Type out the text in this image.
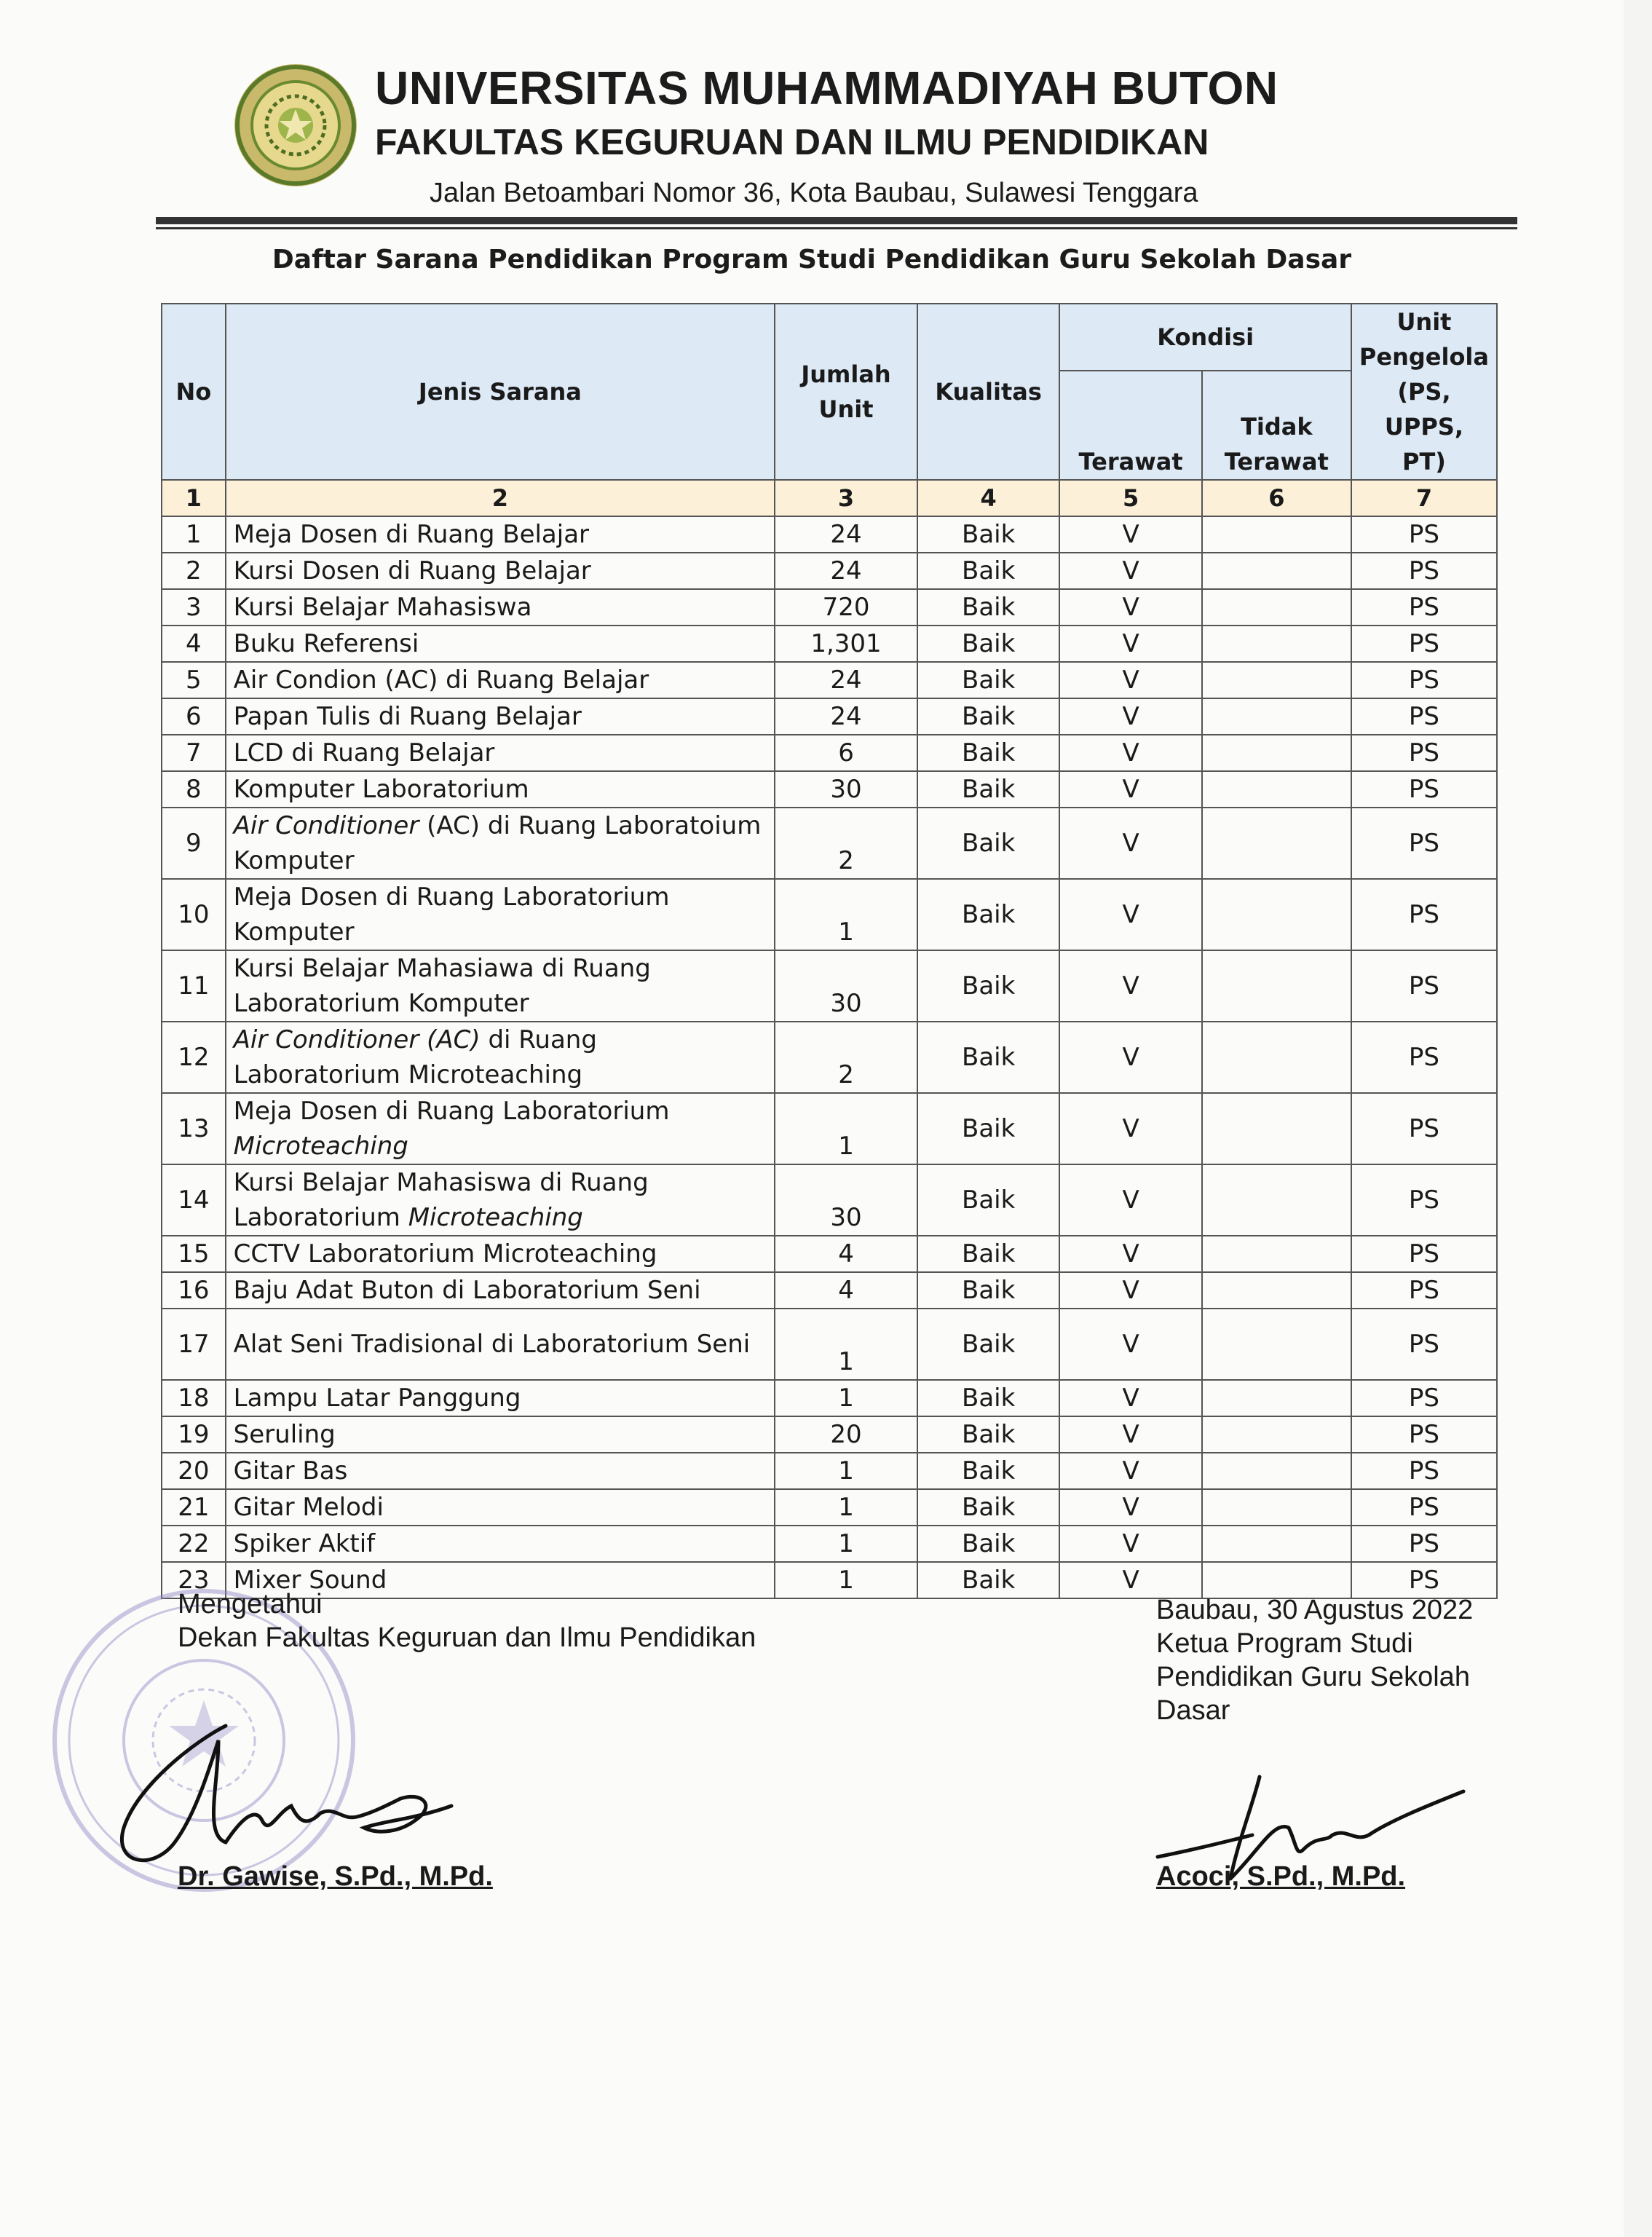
UNIVERSITAS MUHAMMADIYAH BUTON
FAKULTAS KEGURUAN DAN ILMU PENDIDIKAN
Jalan Betoambari Nomor 36, Kota Baubau, Sulawesi Tenggara
Daftar Sarana Pendidikan Program Studi Pendidikan Guru Sekolah Dasar
No	Jenis Sarana	Jumlah Unit	Kualitas	Kondisi		Unit Pengelola (PS, UPPS, PT)
				Terawat	Tidak Terawat	
1	2	3	4	5	6	7
1	Meja Dosen di Ruang Belajar	24	Baik	V		PS
2	Kursi Dosen di Ruang Belajar	24	Baik	V		PS
3	Kursi Belajar Mahasiswa	720	Baik	V		PS
4	Buku Referensi	1,301	Baik	V		PS
5	Air Condion (AC) di Ruang Belajar	24	Baik	V		PS
6	Papan Tulis di Ruang Belajar	24	Baik	V		PS
7	LCD di Ruang Belajar	6	Baik	V		PS
8	Komputer Laboratorium	30	Baik	V		PS
9	Air Conditioner (AC) di Ruang Laboratoium Komputer	2	Baik	V		PS
10	Meja Dosen di Ruang Laboratorium Komputer	1	Baik	V		PS
11	Kursi Belajar Mahasiawa di Ruang Laboratorium Komputer	30	Baik	V		PS
12	Air Conditioner (AC) di Ruang Laboratorium Microteaching	2	Baik	V		PS
13	Meja Dosen di Ruang Laboratorium Microteaching	1	Baik	V		PS
14	Kursi Belajar Mahasiswa di Ruang Laboratorium Microteaching	30	Baik	V		PS
15	CCTV Laboratorium Microteaching	4	Baik	V		PS
16	Baju Adat Buton di Laboratorium Seni	4	Baik	V		PS
17	Alat Seni Tradisional di Laboratorium Seni	1	Baik	V		PS
18	Lampu Latar Panggung	1	Baik	V		PS
19	Seruling	20	Baik	V		PS
20	Gitar Bas	1	Baik	V		PS
21	Gitar Melodi	1	Baik	V		PS
22	Spiker Aktif	1	Baik	V		PS
23	Mixer Sound	1	Baik	V		PS
Mengetahui
Dekan Fakultas Keguruan dan Ilmu Pendidikan
Dr. Gawise, S.Pd., M.Pd.
Baubau, 30 Agustus 2022
Ketua Program Studi
Pendidikan Guru Sekolah
Dasar
Acoci, S.Pd., M.Pd.
